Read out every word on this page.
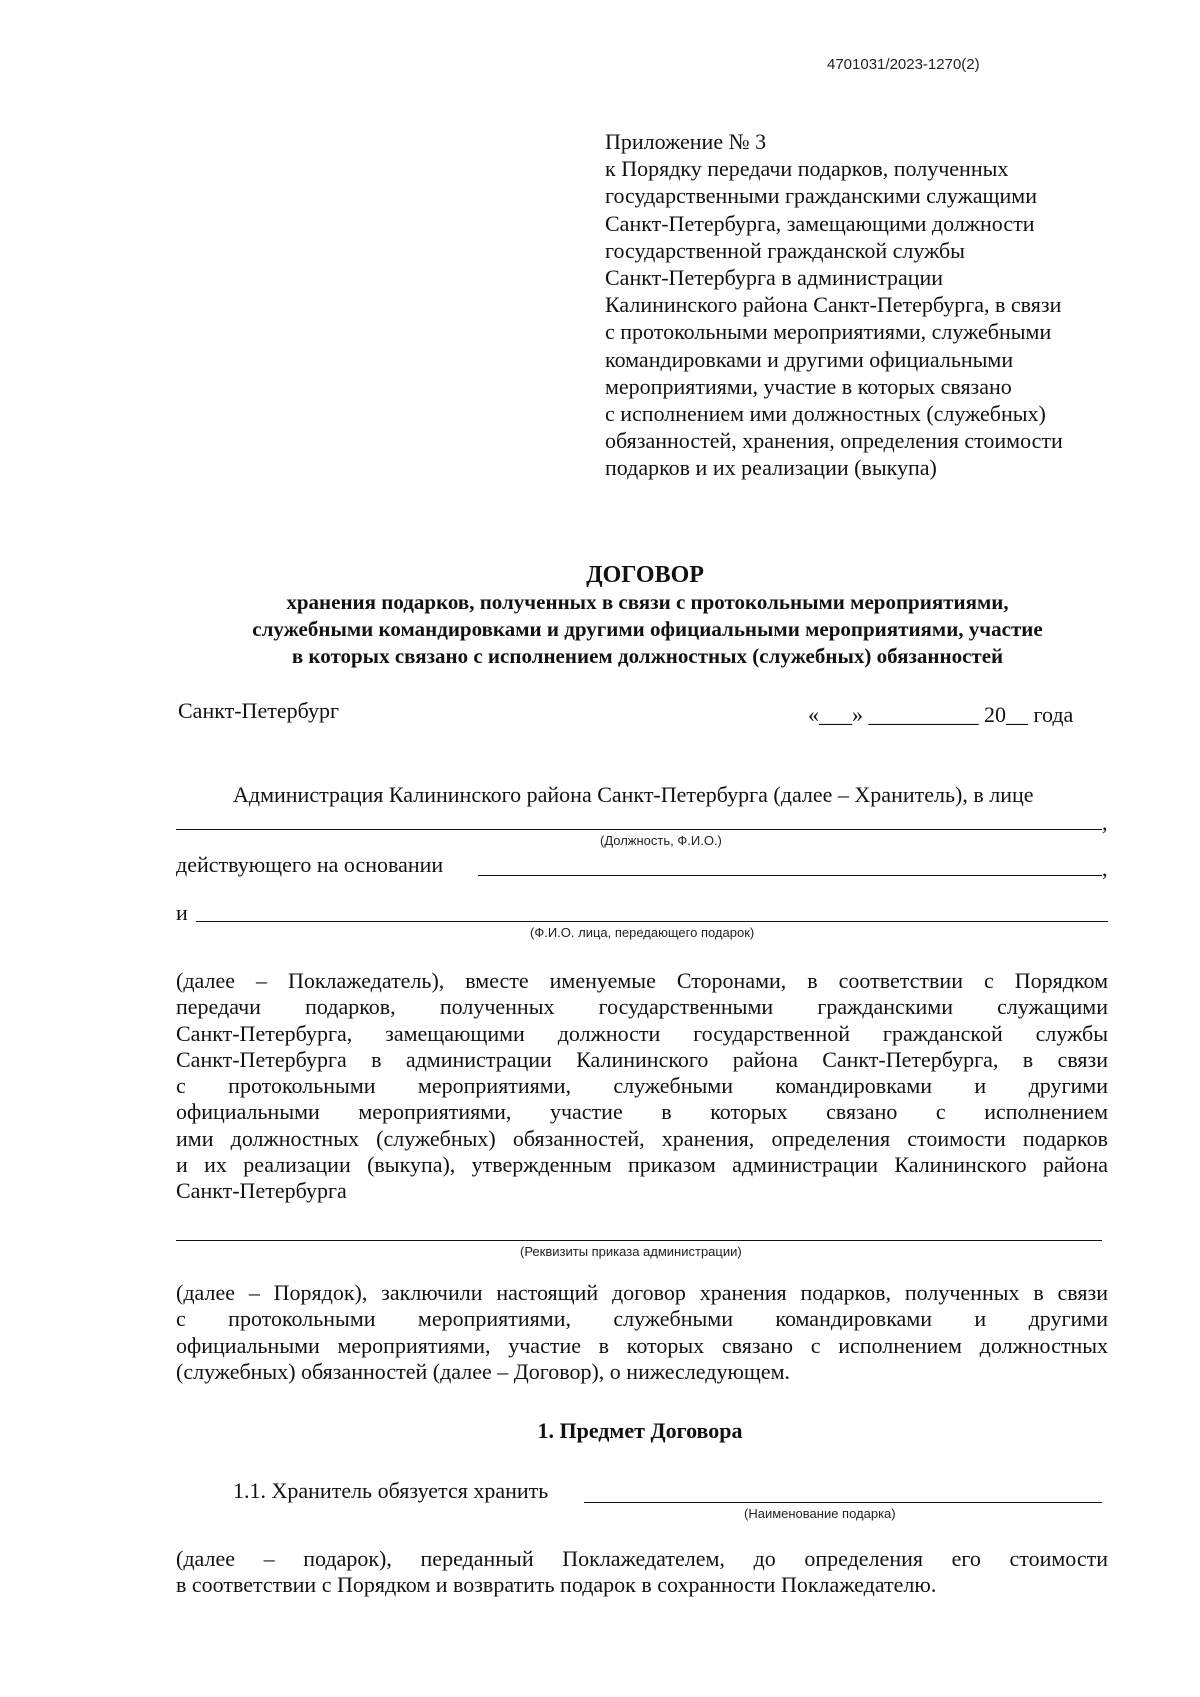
4701031/2023-1270(2)
Приложение № 3
к Порядку передачи подарков, полученных
государственными гражданскими служащими
Санкт-Петербурга, замещающими должности
государственной гражданской службы
Санкт-Петербурга в администрации
Калининского района Санкт-Петербурга, в связи
с протокольными мероприятиями, служебными
командировками и другими официальными
мероприятиями, участие в которых связано
с исполнением ими должностных (служебных)
обязанностей, хранения, определения стоимости
подарков и их реализации (выкупа)
ДОГОВОР
хранения подарков, полученных в связи с протокольными мероприятиями,
служебными командировками и другими официальными мероприятиями, участие
в которых связано с исполнением должностных (служебных) обязанностей
Санкт-Петербург	«___» __________ 20__ года
Администрация Калининского района Санкт-Петербурга (далее – Хранитель), в лице
,
(Должность, Ф.И.О.)
действующего на основании	,
и
(Ф.И.О. лица, передающего подарок)
(далее – Поклажедатель), вместе именуемые Сторонами, в соответствии с Порядком
передачи подарков, полученных государственными гражданскими служащими
Санкт-Петербурга, замещающими должности государственной гражданской службы
Санкт-Петербурга в администрации Калининского района Санкт-Петербурга, в связи
с протокольными мероприятиями, служебными командировками и другими
официальными мероприятиями, участие в которых связано с исполнением
ими должностных (служебных) обязанностей, хранения, определения стоимости подарков
и их реализации (выкупа), утвержденным приказом администрации Калининского района
Санкт-Петербурга
(Реквизиты приказа администрации)
(далее – Порядок), заключили настоящий договор хранения подарков, полученных в связи
с протокольными мероприятиями, служебными командировками и другими
официальными мероприятиями, участие в которых связано с исполнением должностных
(служебных) обязанностей (далее – Договор), о нижеследующем.
1. Предмет Договора
1.1. Хранитель обязуется хранить
(Наименование подарка)
(далее – подарок), переданный Поклажедателем, до определения его стоимости
в соответствии с Порядком и возвратить подарок в сохранности Поклажедателю.
